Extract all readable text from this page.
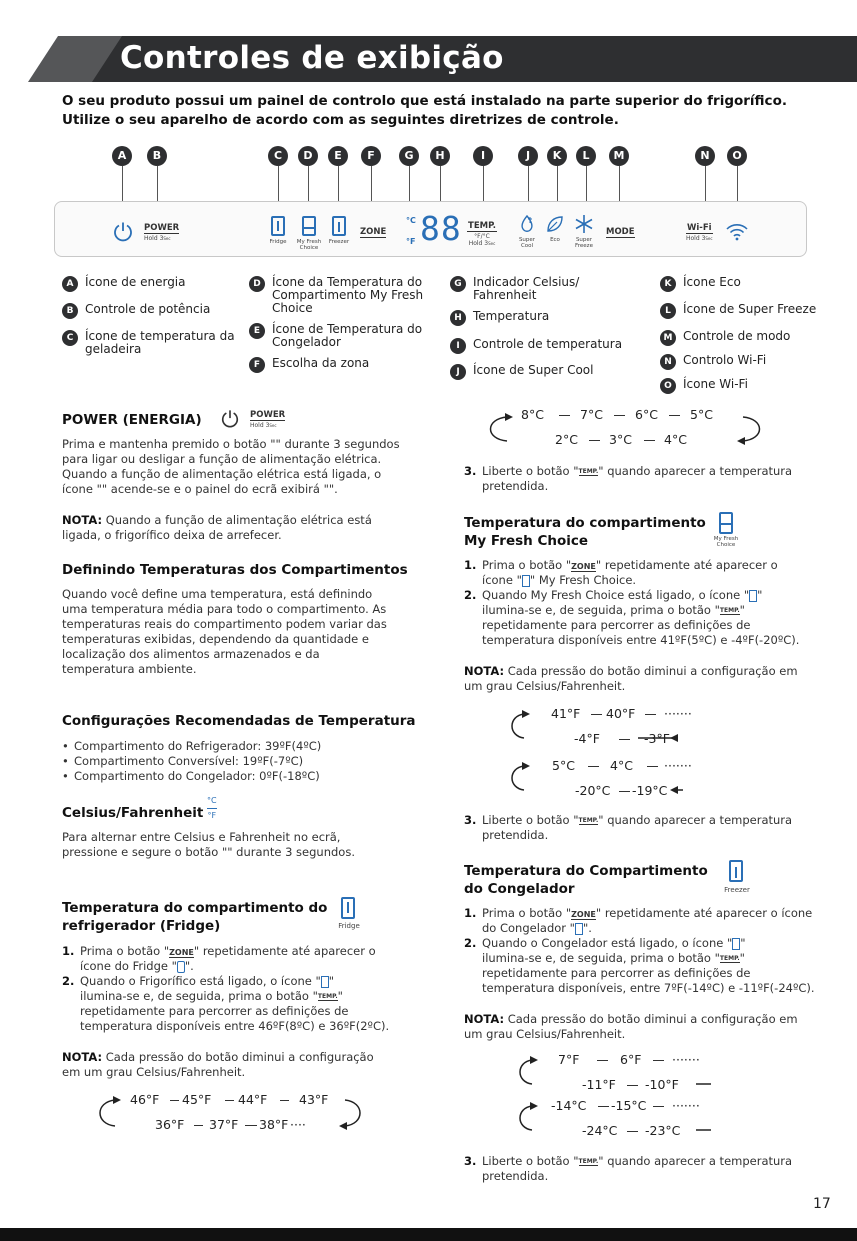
Controles de exibição
O seu produto possui um painel de controlo que está instalado na parte superior do frigorífico. Utilize o seu aparelho de acordo com as seguintes diretrizes de controle.
A	B	C	D	E	F	G	H	I	J	K	L	M	N	O
POWER
Hold 3Sec
Fridge	My Fresh
Choice
Freezer
ZONE
°C
°F 88 TEMP.
°F/°C
Hold 3Sec
Super
Cool
Eco	Super
Freeze
MODE	Wi-Fi
Hold 3Sec
A Ícone de energia
B Controle de potência
C Ícone de temperatura da geladeira
D Ícone da Temperatura do Compartimento My Fresh Choice
E Ícone de Temperatura do Congelador
F Escolha da zona
G Indicador Celsius/ Fahrenheit
H Temperatura
I	Controle de temperatura
J	Ícone de Super Cool
K Ícone Eco
L	Ícone de Super Freeze
M Controle de modo
N Controlo Wi-Fi
O Ícone Wi-Fi
POWER (ENERGIA)	POWER
Hold 3Sec
Prima e mantenha premido o botão "" durante 3 segundos para ligar ou desligar a função de alimentação elétrica. Quando a função de alimentação elétrica está ligada, o ícone "" acende-se e o painel do ecrã exibirá "".
NOTA: Quando a função de alimentação elétrica está ligada, o frigorífico deixa de arrefecer.
Definindo Temperaturas dos Compartimentos
Quando você define uma temperatura, está definindo uma temperatura média para todo o compartimento. As temperaturas reais do compartimento podem variar das temperaturas exibidas, dependendo da quantidade e localização dos alimentos armazenados e da temperatura ambiente.
Configurações Recomendadas de Temperatura
• Compartimento do Refrigerador: 39ºF(4ºC)
• Compartimento Conversível: 19ºF(-7ºC)
• Compartimento do Congelador: 0ºF(-18ºC)
Celsius/Fahrenheit
°C
°F
Para alternar entre Celsius e Fahrenheit no ecrã, pressione e segure o botão "" durante 3 segundos.
Temperatura do compartimento do
refrigerador (Fridge)	Fridge
1. Prima o botão "ZONE" repetidamente até aparecer o ícone do Fridge " ".
2. Quando o Frigorífico está ligado, o ícone " "
ilumina-se e, de seguida, prima o botão "TEMP."
repetidamente para percorrer as definições de temperatura disponíveis entre 46ºF(8ºC) e 36ºF(2ºC).
NOTA: Cada pressão do botão diminui a configuração em um grau Celsius/Fahrenheit.
46°F 45°F 44°F	43°F
36°F 37°F 38°F ····
8°C	7°C	6°C	5°C
2°C 3°C	4°C
3. Liberte o botão "TEMP." quando aparecer a temperatura pretendida.
Temperatura do compartimento
My Fresh Choice	My Fresh
Choice
1. Prima o botão "ZONE" repetidamente até aparecer o ícone " " My Fresh Choice.
2. Quando My Fresh Choice está ligado, o ícone " "
ilumina-se e, de seguida, prima o botão "TEMP."
repetidamente para percorrer as definições de temperatura disponíveis entre 41ºF(5ºC) e -4ºF(-20ºC).
NOTA: Cada pressão do botão diminui a configuração em um grau Celsius/Fahrenheit.
41°F 40°F ·······
-4°F	-3°F
5°C	4°C ·······
-20°C -19°C
3. Liberte o botão "TEMP." quando aparecer a temperatura pretendida.
Temperatura do Compartimento
do Congelador	Freezer
1. Prima o botão "ZONE" repetidamente até aparecer o ícone do Congelador " ".
2. Quando o Congelador está ligado, o ícone " "
ilumina-se e, de seguida, prima o botão "TEMP."
repetidamente para percorrer as definições de temperatura disponíveis, entre 7ºF(-14ºC) e -11ºF(-24ºC).
NOTA: Cada pressão do botão diminui a configuração em um grau Celsius/Fahrenheit.
7°F	6°F ·······
-11°F -10°F
-14°C -15°C ·······
-24°C -23°C
3. Liberte o botão "TEMP." quando aparecer a temperatura pretendida.
17
